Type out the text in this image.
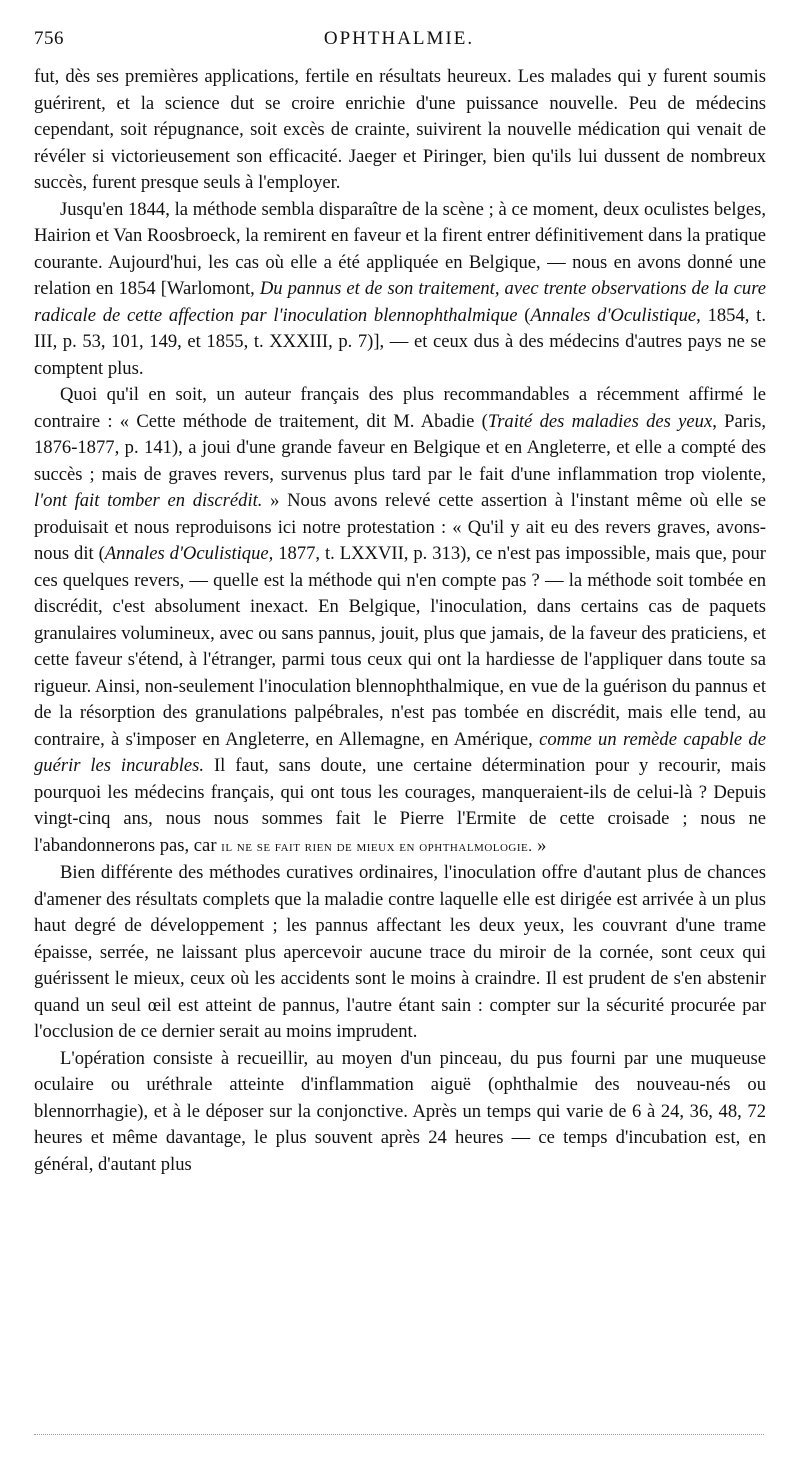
756	OPHTHALMIE.

fut, dès ses premières applications, fertile en résultats heureux. Les malades qui y furent soumis guérirent, et la science dut se croire enrichie d'une puissance nouvelle. Peu de médecins cependant, soit répugnance, soit excès de crainte, suivirent la nouvelle médication qui venait de révéler si victorieusement son efficacité. Jaeger et Piringer, bien qu'ils lui dussent de nombreux succès, furent presque seuls à l'employer.

Jusqu'en 1844, la méthode sembla disparaître de la scène ; à ce moment, deux oculistes belges, Hairion et Van Roosbroeck, la remirent en faveur et la firent entrer définitivement dans la pratique courante. Aujourd'hui, les cas où elle a été appliquée en Belgique, — nous en avons donné une relation en 1854 [Warlomont, Du pannus et de son traitement, avec trente observations de la cure radicale de cette affection par l'inoculation blennophthalmique (Annales d'Oculistique, 1854, t. III, p. 53, 101, 149, et 1855, t. XXXIII, p. 7)], — et ceux dus à des médecins d'autres pays ne se comptent plus.

Quoi qu'il en soit, un auteur français des plus recommandables a récemment affirmé le contraire : « Cette méthode de traitement, dit M. Abadie (Traité des maladies des yeux, Paris, 1876-1877, p. 141), a joui d'une grande faveur en Belgique et en Angleterre, et elle a compté des succès ; mais de graves revers, survenus plus tard par le fait d'une inflammation trop violente, l'ont fait tomber en discrédit. » Nous avons relevé cette assertion à l'instant même où elle se produisait et nous reproduisons ici notre protestation : « Qu'il y ait eu des revers graves, avons-nous dit (Annales d'Oculistique, 1877, t. LXXVII, p. 313), ce n'est pas impossible, mais que, pour ces quelques revers, — quelle est la méthode qui n'en compte pas ? — la méthode soit tombée en discrédit, c'est absolument inexact. En Belgique, l'inoculation, dans certains cas de paquets granulaires volumineux, avec ou sans pannus, jouit, plus que jamais, de la faveur des praticiens, et cette faveur s'étend, à l'étranger, parmi tous ceux qui ont la hardiesse de l'appliquer dans toute sa rigueur. Ainsi, non-seulement l'inoculation blennophthalmique, en vue de la guérison du pannus et de la résorption des granulations palpébrales, n'est pas tombée en discrédit, mais elle tend, au contraire, à s'imposer en Angleterre, en Allemagne, en Amérique, comme un remède capable de guérir les incurables. Il faut, sans doute, une certaine détermination pour y recourir, mais pourquoi les médecins français, qui ont tous les courages, manqueraient-ils de celui-là ? Depuis vingt-cinq ans, nous nous sommes fait le Pierre l'Ermite de cette croisade ; nous ne l'abandonnerons pas, car il ne se fait rien de mieux en ophthalmologie. »

Bien différente des méthodes curatives ordinaires, l'inoculation offre d'autant plus de chances d'amener des résultats complets que la maladie contre laquelle elle est dirigée est arrivée à un plus haut degré de développement ; les pannus affectant les deux yeux, les couvrant d'une trame épaisse, serrée, ne laissant plus apercevoir aucune trace du miroir de la cornée, sont ceux qui guérissent le mieux, ceux où les accidents sont le moins à craindre. Il est prudent de s'en abstenir quand un seul œil est atteint de pannus, l'autre étant sain : compter sur la sécurité procurée par l'occlusion de ce dernier serait au moins imprudent.

L'opération consiste à recueillir, au moyen d'un pinceau, du pus fourni par une muqueuse oculaire ou uréthrale atteinte d'inflammation aiguë (ophthalmie des nouveau-nés ou blennorrhagie), et à le déposer sur la conjonctive. Après un temps qui varie de 6 à 24, 36, 48, 72 heures et même davantage, le plus souvent après 24 heures — ce temps d'incubation est, en général, d'autant plus
